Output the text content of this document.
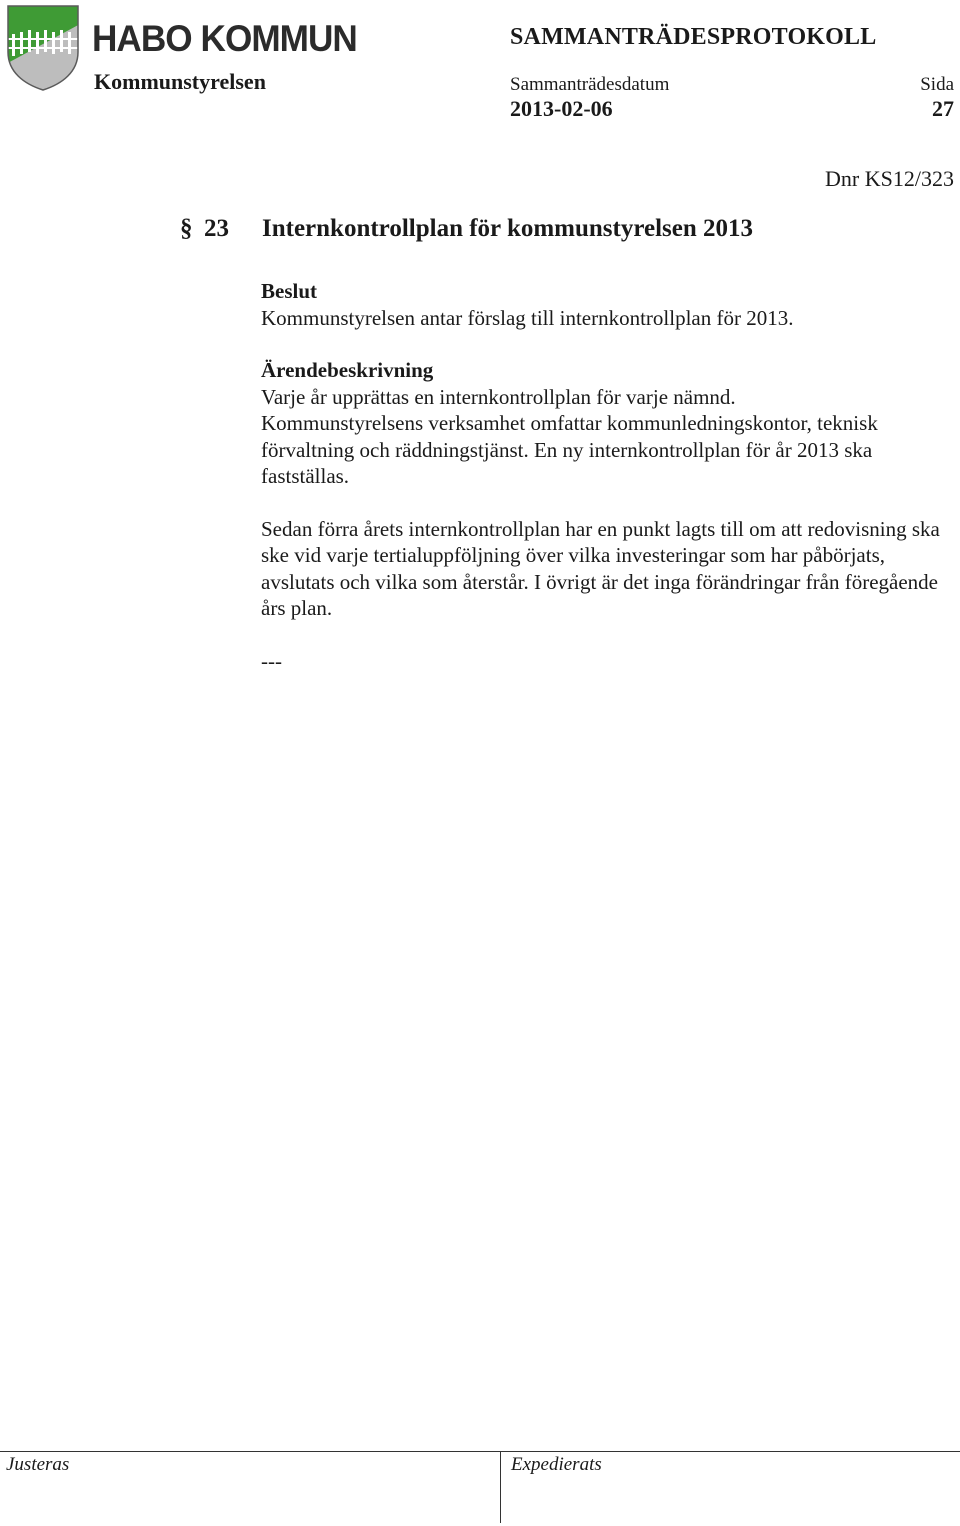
HABO KOMMUN
Kommunstyrelsen
SAMMANTRÄDESPROTOKOLL
Sammanträdesdatum
2013-02-06
Sida
27
Dnr KS12/323
§ 23 Internkontrollplan för kommunstyrelsen 2013

Beslut

Kommunstyrelsen antar förslag till internkontrollplan för 2013.

Ärendebeskrivning

Varje år upprättas en internkontrollplan för varje nämnd.

Kommunstyrelsens verksamhet omfattar kommunledningskontor, teknisk förvaltning och räddningstjänst. En ny internkontrollplan för år 2013 ska fastställas.

Sedan förra årets internkontrollplan har en punkt lagts till om att redovisning ska ske vid varje tertialuppföljning över vilka investeringar som har påbörjats, avslutats och vilka som återstår. I övrigt är det inga förändringar från föregående års plan.

---

Justeras	Expedierats
